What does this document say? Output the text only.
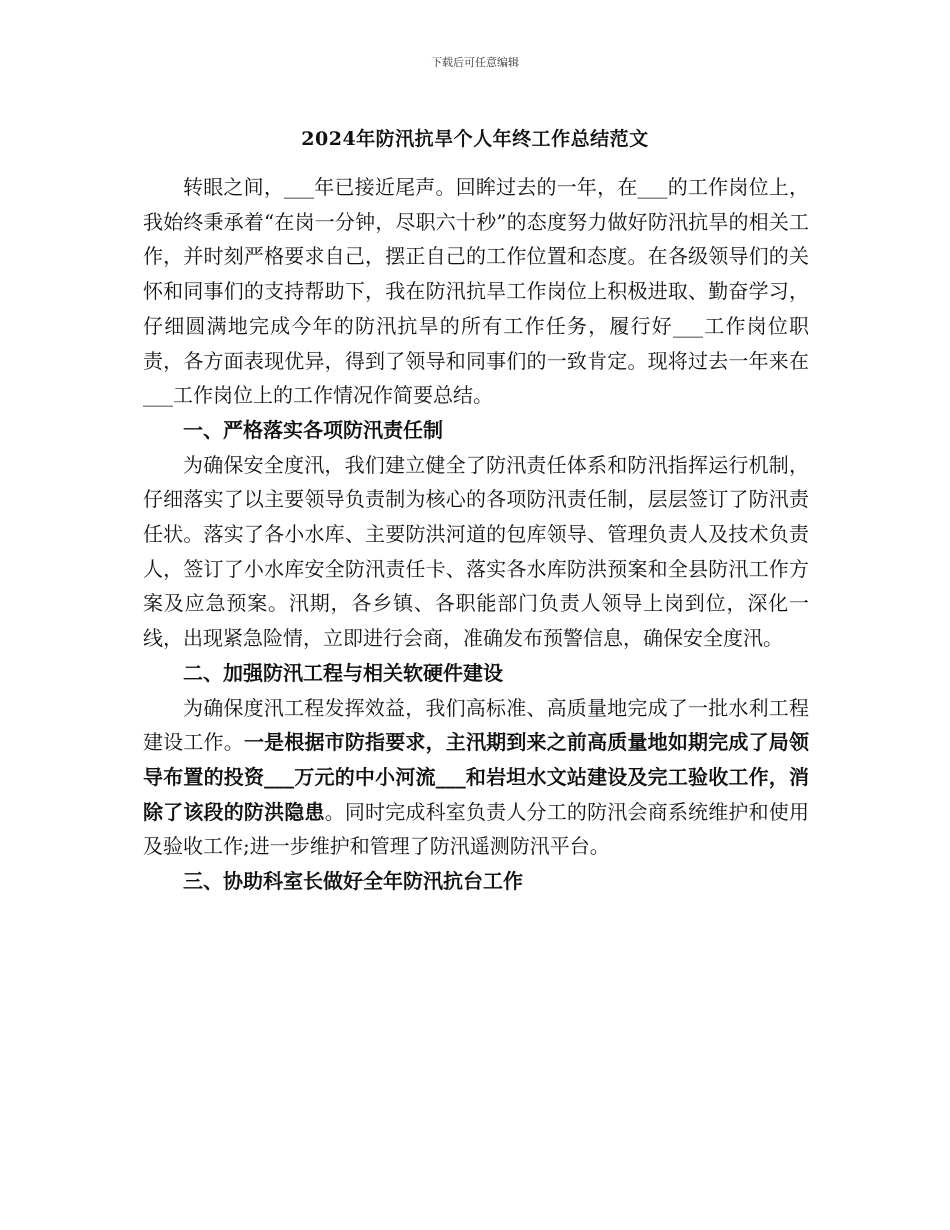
下载后可任意编辑
2024年防汛抗旱个人年终工作总结范文

转眼之间，___年已接近尾声。回眸过去的一年，在___的工作岗位上，我始终秉承着“在岗一分钟，尽职六十秒”的态度努力做好防汛抗旱的相关工作，并时刻严格要求自己，摆正自己的工作位置和态度。在各级领导们的关怀和同事们的支持帮助下，我在防汛抗旱工作岗位上积极进取、勤奋学习，仔细圆满地完成今年的防汛抗旱的所有工作任务，履行好___工作岗位职责，各方面表现优异，得到了领导和同事们的一致肯定。现将过去一年来在___工作岗位上的工作情况作简要总结。

一、严格落实各项防汛责任制

为确保安全度汛，我们建立健全了防汛责任体系和防汛指挥运行机制，仔细落实了以主要领导负责制为核心的各项防汛责任制，层层签订了防汛责任状。落实了各小水库、主要防洪河道的包库领导、管理负责人及技术负责人，签订了小水库安全防汛责任卡、落实各水库防洪预案和全县防汛工作方案及应急预案。汛期，各乡镇、各职能部门负责人领导上岗到位，深化一线，出现紧急险情，立即进行会商，准确发布预警信息，确保安全度汛。

二、加强防汛工程与相关软硬件建设

为确保度汛工程发挥效益，我们高标准、高质量地完成了一批水利工程建设工作。一是根据市防指要求，主汛期到来之前高质量地如期完成了局领导布置的投资___万元的中小河流___和岩坦水文站建设及完工验收工作，消除了该段的防洪隐患。同时完成科室负责人分工的防汛会商系统维护和使用及验收工作;进一步维护和管理了防汛遥测防汛平台。

三、协助科室长做好全年防汛抗台工作
